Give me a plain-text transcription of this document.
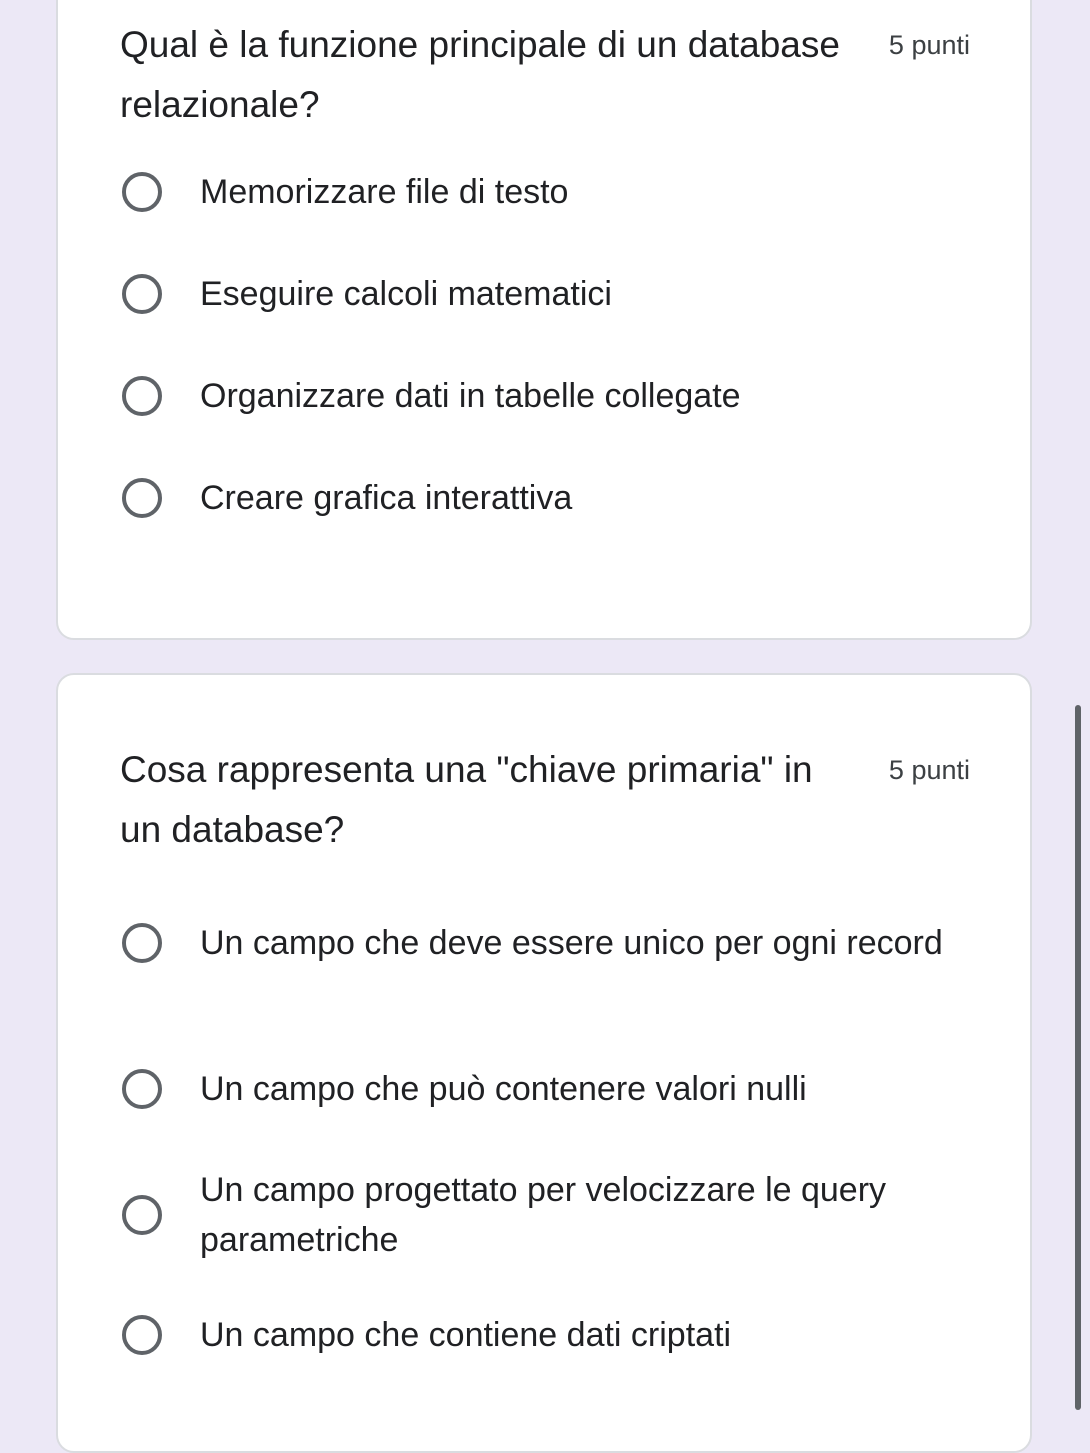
Qual è la funzione principale di un database relazionale?
5 punti
Memorizzare file di testo
Eseguire calcoli matematici
Organizzare dati in tabelle collegate
Creare grafica interattiva
Cosa rappresenta una "chiave primaria" in un database?
5 punti
Un campo che deve essere unico per ogni record
Un campo che può contenere valori nulli
Un campo progettato per velocizzare le query parametriche
Un campo che contiene dati criptati
